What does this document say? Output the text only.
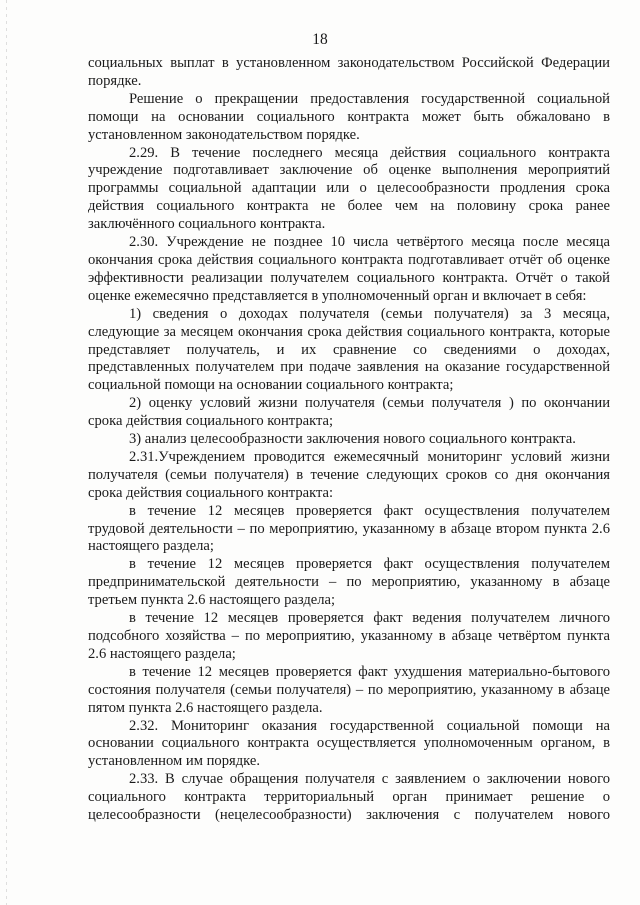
18

социальных выплат в установленном законодательством Российской Федерации порядке.

Решение о прекращении предоставления государственной социальной помощи на основании социального контракта может быть обжаловано в установленном законодательством порядке.

2.29. В течение последнего месяца действия социального контракта учреждение подготавливает заключение об оценке выполнения мероприятий программы социальной адаптации или о целесообразности продления срока действия социального контракта не более чем на половину срока ранее заключённого социального контракта.

2.30. Учреждение не позднее 10 числа четвёртого месяца после месяца окончания срока действия социального контракта подготавливает отчёт об оценке эффективности реализации получателем социального контракта. Отчёт о такой оценке ежемесячно представляется в уполномоченный орган и включает в себя:

1) сведения о доходах получателя (семьи получателя) за 3 месяца, следующие за месяцем окончания срока действия социального контракта, которые представляет получатель, и их сравнение со сведениями о доходах, представленных получателем при подаче заявления на оказание государственной социальной помощи на основании социального контракта;

2) оценку условий жизни получателя (семьи получателя ) по окончании срока действия социального контракта;

3) анализ целесообразности заключения нового социального контракта.

2.31.Учреждением проводится ежемесячный мониторинг условий жизни получателя (семьи получателя) в течение следующих сроков со дня окончания срока действия социального контракта:

в течение 12 месяцев проверяется факт осуществления получателем трудовой деятельности – по мероприятию, указанному в абзаце втором пункта 2.6 настоящего раздела;

в течение 12 месяцев проверяется факт осуществления получателем предпринимательской деятельности – по мероприятию, указанному в абзаце третьем пункта 2.6 настоящего раздела;

в течение 12 месяцев проверяется факт ведения получателем личного подсобного хозяйства – по мероприятию, указанному в абзаце четвёртом пункта 2.6 настоящего раздела;

в течение 12 месяцев проверяется факт ухудшения материально-бытового состояния получателя (семьи получателя) – по мероприятию, указанному в абзаце пятом пункта 2.6 настоящего раздела.

2.32. Мониторинг оказания государственной социальной помощи на основании социального контракта осуществляется уполномоченным органом, в установленном им порядке.

2.33. В случае обращения получателя с заявлением о заключении нового социального контракта территориальный орган принимает решение о целесообразности (нецелесообразности) заключения с получателем нового
